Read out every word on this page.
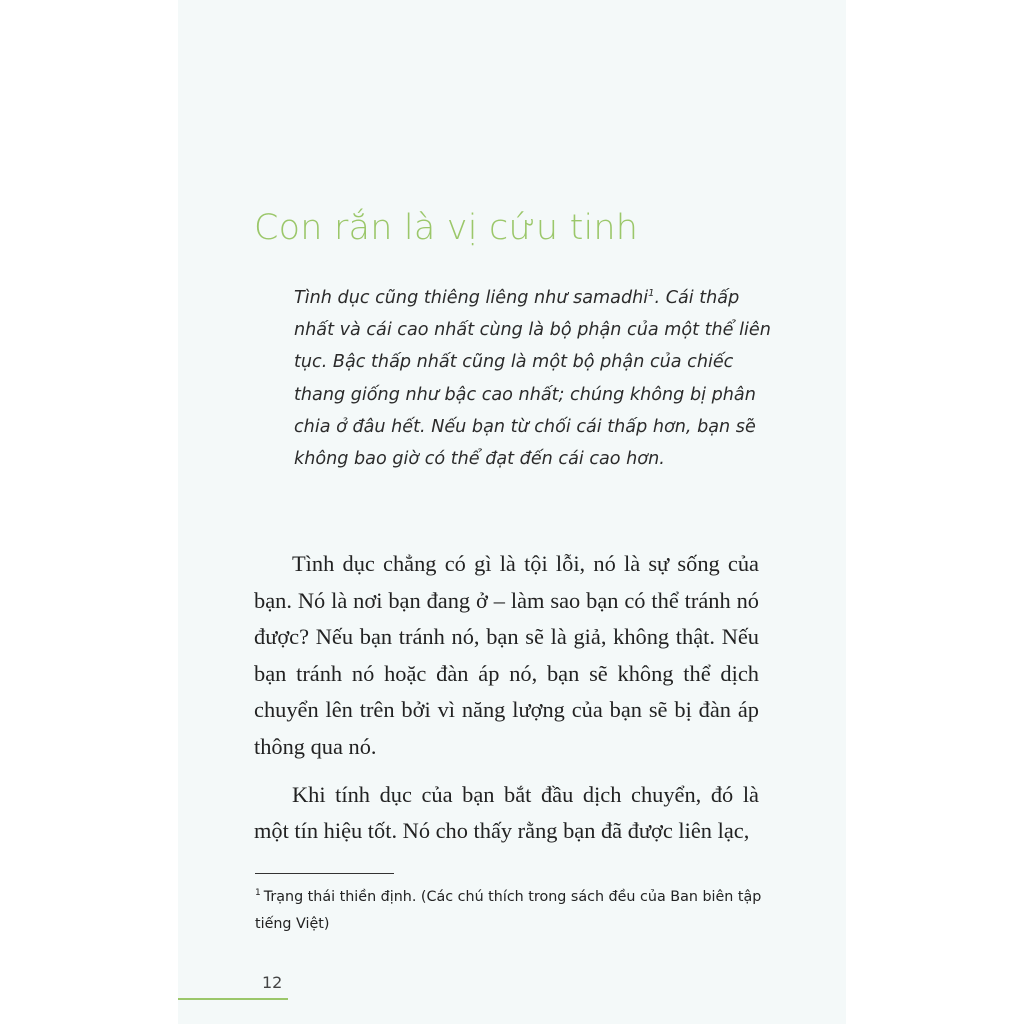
Con rắn là vị cứu tinh

Tình dục cũng thiêng liêng như samadhi$^1$. Cái thấp nhất và cái cao nhất cùng là bộ phận của một thể liên tục. Bậc thấp nhất cũng là một bộ phận của chiếc thang giống như bậc cao nhất; chúng không bị phân chia ở đâu hết. Nếu bạn từ chối cái thấp hơn, bạn sẽ không bao giờ có thể đạt đến cái cao hơn.

Tình dục chẳng có gì là tội lỗi, nó là sự sống của bạn. Nó là nơi bạn đang ở – làm sao bạn có thể tránh nó được? Nếu bạn tránh nó, bạn sẽ là giả, không thật. Nếu bạn tránh nó hoặc đàn áp nó, bạn sẽ không thể dịch chuyển lên trên bởi vì năng lượng của bạn sẽ bị đàn áp thông qua nó.

Khi tính dục của bạn bắt đầu dịch chuyển, đó là một tín hiệu tốt. Nó cho thấy rằng bạn đã được liên lạc,

$^1$ Trạng thái thiền định. (Các chú thích trong sách đều của Ban biên tập tiếng Việt)

12
